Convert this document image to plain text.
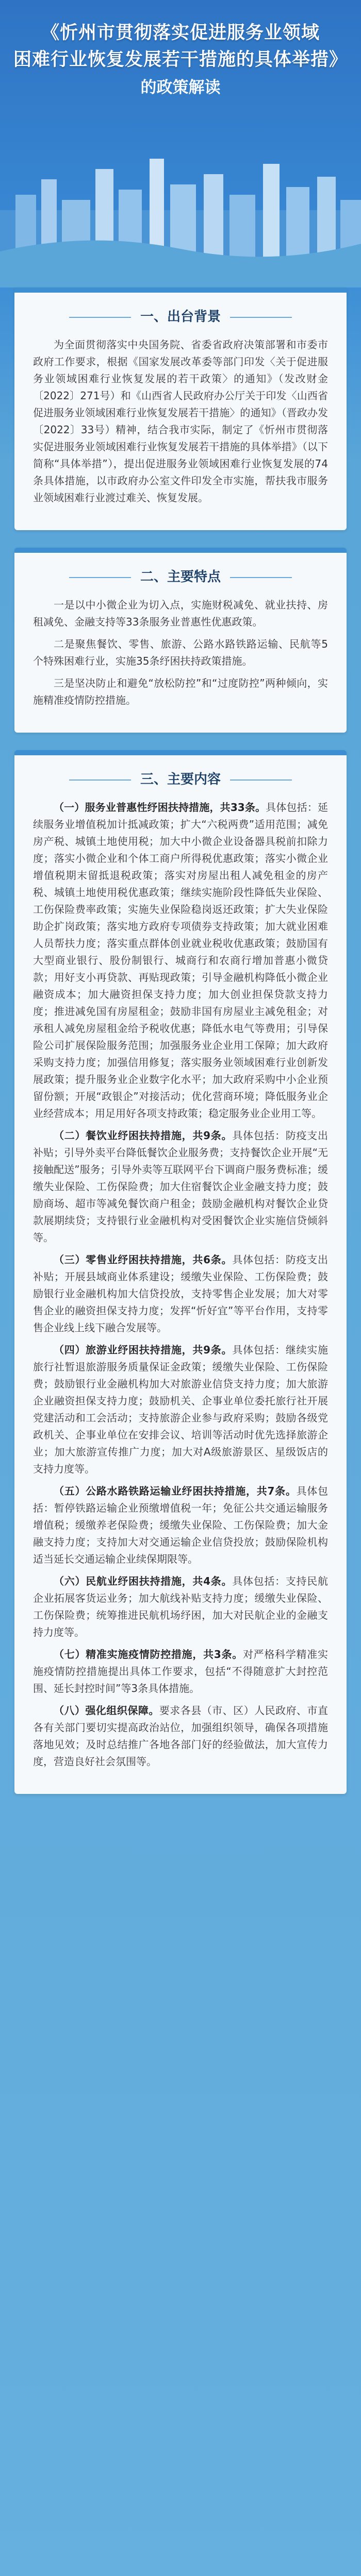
《忻州市贯彻落实促进服务业领域
困难行业恢复发展若干措施的具体举措》
的政策解读
一、出台背景

为全面贯彻落实中央国务院、省委省政府决策部署和市委市政府工作要求，根据《国家发展改革委等部门印发〈关于促进服务业领域困难行业恢复发展的若干政策〉的通知》（发改财金〔2022〕271号）和《山西省人民政府办公厅关于印发〈山西省促进服务业领域困难行业恢复发展若干措施〉的通知》（晋政办发〔2022〕33号）精神，结合我市实际，制定了《忻州市贯彻落实促进服务业领域困难行业恢复发展若干措施的具体举措》（以下简称“具体举措”），提出促进服务业领域困难行业恢复发展的74条具体措施，以市政府办公室文件印发全市实施，帮扶我市服务业领域困难行业渡过难关、恢复发展。

二、主要特点

一是以中小微企业为切入点，实施财税减免、就业扶持、房租减免、金融支持等33条服务业普惠性优惠政策。

二是聚焦餐饮、零售、旅游、公路水路铁路运输、民航等5个特殊困难行业，实施35条纾困扶持政策措施。

三是坚决防止和避免“放松防控”和“过度防控”两种倾向，实施精准疫情防控措施。

三、主要内容

（一）服务业普惠性纾困扶持措施，共33条。具体包括：延续服务业增值税加计抵减政策；扩大“六税两费”适用范围；减免房产税、城镇土地使用税；加大中小微企业设备器具税前扣除力度；落实小微企业和个体工商户所得税优惠政策；落实小微企业增值税期末留抵退税政策；落实对房屋出租人减免租金的房产税、城镇土地使用税优惠政策；继续实施阶段性降低失业保险、工伤保险费率政策；实施失业保险稳岗返还政策；扩大失业保险助企扩岗政策；落实地方政府专项债券支持政策；加大就业困难人员帮扶力度；落实重点群体创业就业税收优惠政策；鼓励国有大型商业银行、股份制银行、城商行和农商行增加普惠小微贷款；用好支小再贷款、再贴现政策；引导金融机构降低小微企业融资成本；加大融资担保支持力度；加大创业担保贷款支持力度；推进减免国有房屋租金；鼓励非国有房屋业主减免租金；对承租人减免房屋租金给予税收优惠；降低水电气等费用；引导保险公司扩展保险服务范围；加强服务业企业用工保障；加大政府采购支持力度；加强信用修复；落实服务业领域困难行业创新发展政策；提升服务业企业数字化水平；加大政府采购中小企业预留份额；开展“政银企”对接活动；优化营商环境；降低服务业企业经营成本；用足用好各项支持政策；稳定服务业企业用工等。

（二）餐饮业纾困扶持措施，共9条。具体包括：防疫支出补贴；引导外卖平台降低餐饮企业服务费；支持餐饮企业开展“无接触配送”服务；引导外卖等互联网平台下调商户服务费标准；缓缴失业保险、工伤保险费；加大住宿餐饮企业金融支持力度；鼓励商场、超市等减免餐饮商户租金；鼓励金融机构对餐饮企业贷款展期续贷；支持银行业金融机构对受困餐饮企业实施信贷倾斜等。

（三）零售业纾困扶持措施，共6条。具体包括：防疫支出补贴；开展县域商业体系建设；缓缴失业保险、工伤保险费；鼓励银行业金融机构加大信贷投放，支持零售企业发展；加大对零售企业的融资担保支持力度；发挥“忻好宜”等平台作用，支持零售企业线上线下融合发展等。

（四）旅游业纾困扶持措施，共9条。具体包括：继续实施旅行社暂退旅游服务质量保证金政策；缓缴失业保险、工伤保险费；鼓励银行业金融机构加大对旅游业信贷支持力度；加大旅游企业融资担保支持力度；鼓励机关、企事业单位委托旅行社开展党建活动和工会活动；支持旅游企业参与政府采购；鼓励各级党政机关、企事业单位在安排会议、培训等活动时优先选择旅游企业；加大旅游宣传推广力度；加大对A级旅游景区、星级饭店的支持力度等。

（五）公路水路铁路运输业纾困扶持措施，共7条。具体包括：暂停铁路运输企业预缴增值税一年；免征公共交通运输服务增值税；缓缴养老保险费；缓缴失业保险、工伤保险费；加大金融支持力度；支持加大对交通运输企业信贷投放；鼓励保险机构适当延长交通运输企业续保期限等。

（六）民航业纾困扶持措施，共4条。具体包括：支持民航企业拓展客货运业务；加大航线补贴支持力度；缓缴失业保险、工伤保险费；统筹推进民航机场纾困，加大对民航企业的金融支持力度等。

（七）精准实施疫情防控措施，共3条。对严格科学精准实施疫情防控措施提出具体工作要求，包括“不得随意扩大封控范围、延长封控时间”等3条具体措施。

（八）强化组织保障。要求各县（市、区）人民政府、市直各有关部门要切实提高政治站位，加强组织领导，确保各项措施落地见效；及时总结推广各地各部门好的经验做法，加大宣传力度，营造良好社会氛围等。
